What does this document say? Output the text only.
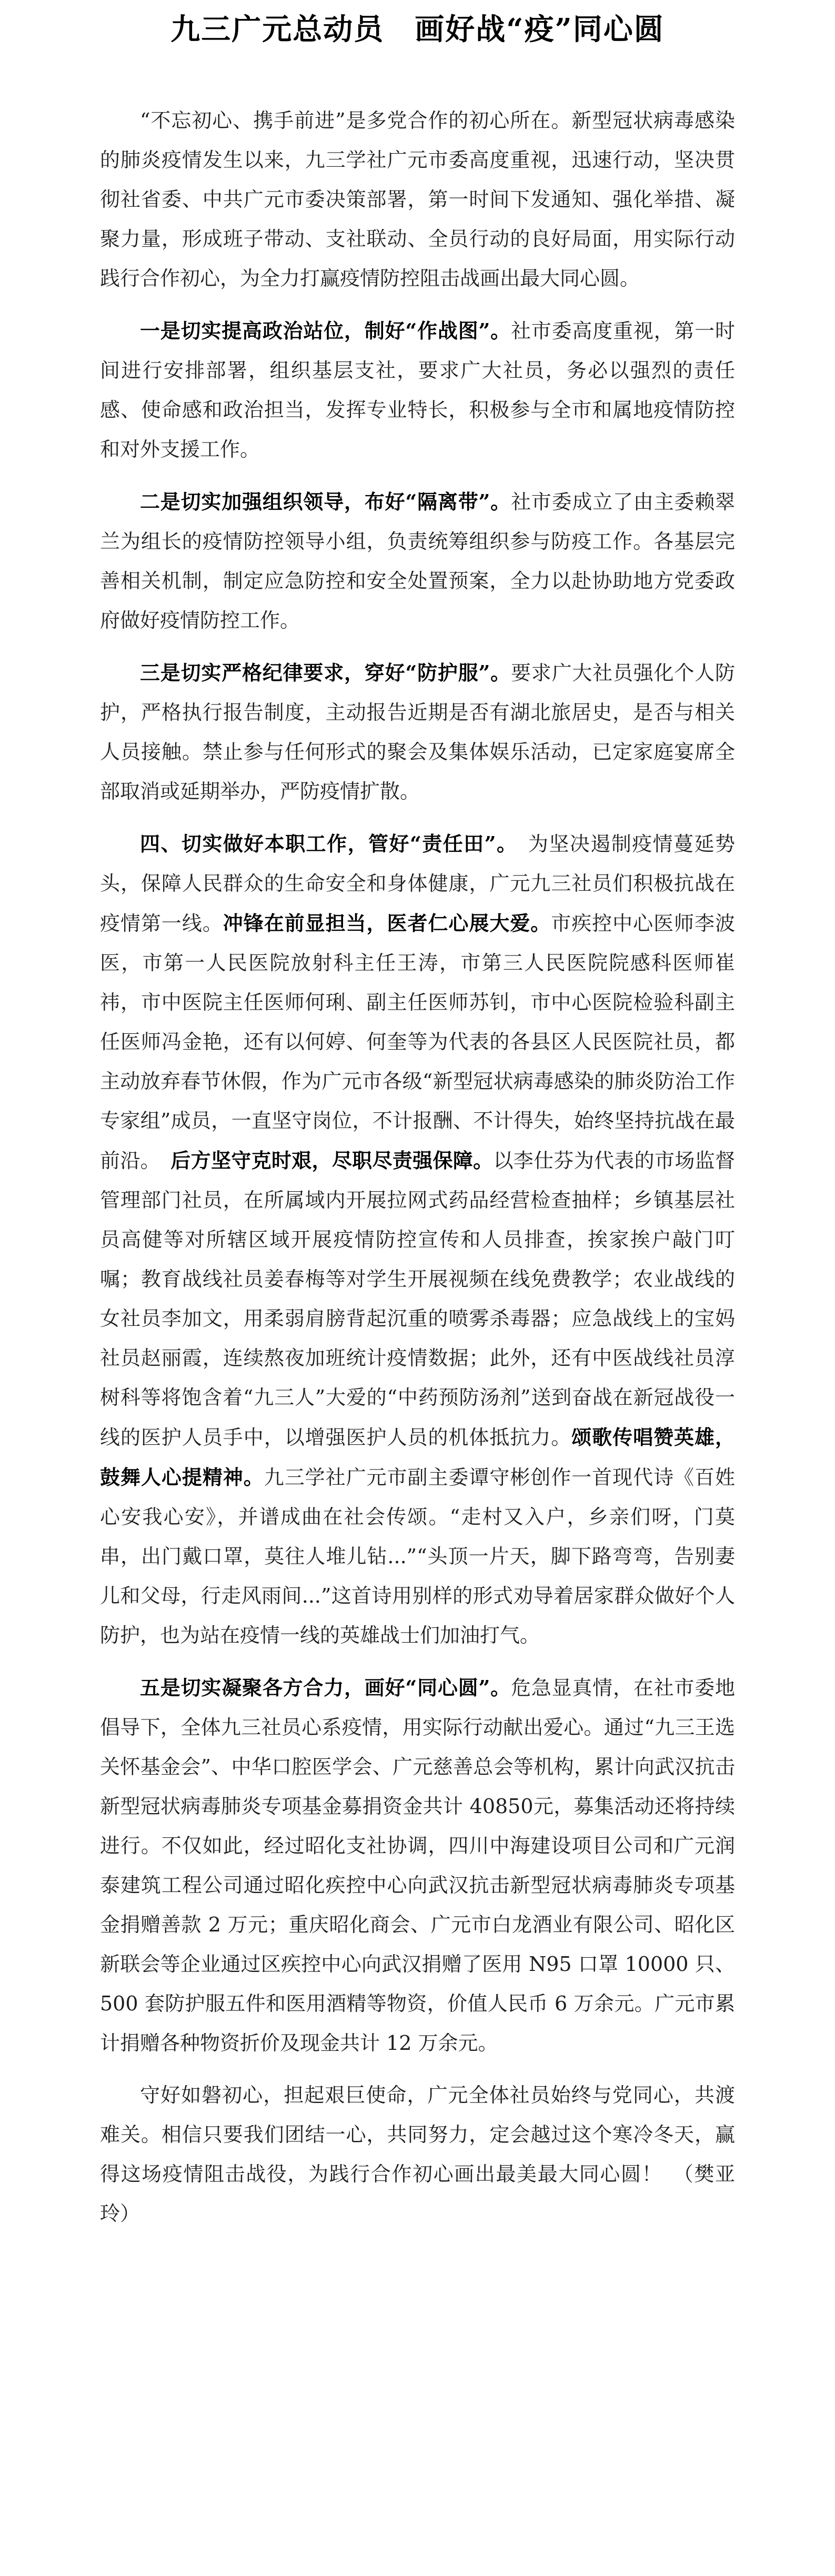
九三广元总动员　画好战“疫”同心圆

“不忘初心、携手前进”是多党合作的初心所在。新型冠状病毒感染的肺炎疫情发生以来，九三学社广元市委高度重视，迅速行动，坚决贯彻社省委、中共广元市委决策部署，第一时间下发通知、强化举措、凝聚力量，形成班子带动、支社联动、全员行动的良好局面，用实际行动践行合作初心，为全力打赢疫情防控阻击战画出最大同心圆。

一是切实提高政治站位，制好“作战图”。社市委高度重视，第一时间进行安排部署，组织基层支社，要求广大社员，务必以强烈的责任感、使命感和政治担当，发挥专业特长，积极参与全市和属地疫情防控和对外支援工作。

二是切实加强组织领导，布好“隔离带”。社市委成立了由主委赖翠兰为组长的疫情防控领导小组，负责统筹组织参与防疫工作。各基层完善相关机制，制定应急防控和安全处置预案，全力以赴协助地方党委政府做好疫情防控工作。

三是切实严格纪律要求，穿好“防护服”。要求广大社员强化个人防护，严格执行报告制度，主动报告近期是否有湖北旅居史，是否与相关人员接触。禁止参与任何形式的聚会及集体娱乐活动，已定家庭宴席全部取消或延期举办，严防疫情扩散。

四、切实做好本职工作，管好“责任田”。　为坚决遏制疫情蔓延势头，保障人民群众的生命安全和身体健康，广元九三社员们积极抗战在疫情第一线。冲锋在前显担当，医者仁心展大爱。市疾控中心医师李波医，市第一人民医院放射科主任王涛，市第三人民医院院感科医师崔祎，市中医院主任医师何琍、副主任医师苏钊，市中心医院检验科副主任医师冯金艳，还有以何婷、何奎等为代表的各县区人民医院社员，都主动放弃春节休假，作为广元市各级“新型冠状病毒感染的肺炎防治工作专家组”成员，一直坚守岗位，不计报酬、不计得失，始终坚持抗战在最前沿。　后方坚守克时艰，尽职尽责强保障。以李仕芬为代表的市场监督管理部门社员，在所属域内开展拉网式药品经营检查抽样；乡镇基层社员高健等对所辖区域开展疫情防控宣传和人员排查，挨家挨户敲门叮嘱；教育战线社员姜春梅等对学生开展视频在线免费教学；农业战线的女社员李加文，用柔弱肩膀背起沉重的喷雾杀毒器；应急战线上的宝妈社员赵丽霞，连续熬夜加班统计疫情数据；此外，还有中医战线社员淳树科等将饱含着“九三人”大爱的“中药预防汤剂”送到奋战在新冠战役一线的医护人员手中，以增强医护人员的机体抵抗力。颂歌传唱赞英雄，鼓舞人心提精神。九三学社广元市副主委谭守彬创作一首现代诗《百姓心安我心安》，并谱成曲在社会传颂。“走村又入户，乡亲们呀，门莫串，出门戴口罩，莫往人堆儿钻...”“头顶一片天，脚下路弯弯，告别妻儿和父母，行走风雨间...”这首诗用别样的形式劝导着居家群众做好个人防护，也为站在疫情一线的英雄战士们加油打气。

五是切实凝聚各方合力，画好“同心圆”。危急显真情，在社市委地倡导下，全体九三社员心系疫情，用实际行动献出爱心。通过“九三王选关怀基金会”、中华口腔医学会、广元慈善总会等机构，累计向武汉抗击新型冠状病毒肺炎专项基金募捐资金共计 40850元，募集活动还将持续进行。不仅如此，经过昭化支社协调，四川中海建设项目公司和广元润泰建筑工程公司通过昭化疾控中心向武汉抗击新型冠状病毒肺炎专项基金捐赠善款 2 万元；重庆昭化商会、广元市白龙酒业有限公司、昭化区新联会等企业通过区疾控中心向武汉捐赠了医用 N95 口罩 10000 只、500 套防护服五件和医用酒精等物资，价值人民币 6 万余元。广元市累计捐赠各种物资折价及现金共计 12 万余元。

守好如磐初心，担起艰巨使命，广元全体社员始终与党同心，共渡难关。相信只要我们团结一心，共同努力，定会越过这个寒冷冬天，赢得这场疫情阻击战役，为践行合作初心画出最美最大同心圆！　（樊亚玲）
